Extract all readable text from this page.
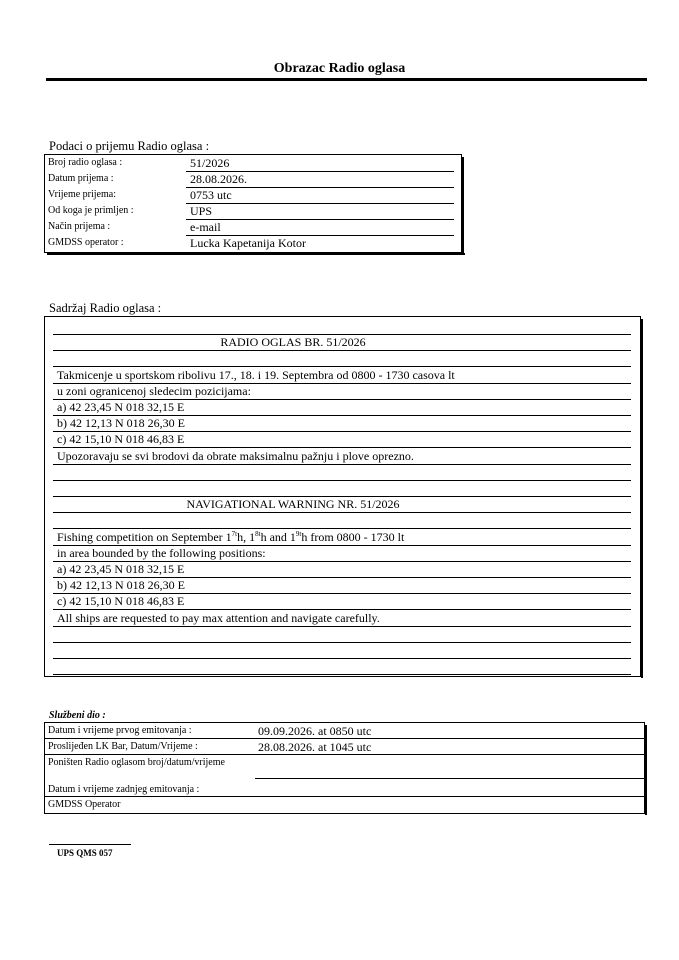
Obrazac Radio oglasa
Podaci o prijemu Radio oglasa :
Broj radio oglasa :	51/2026
Datum prijema :	28.08.2026.
Vrijeme prijema:	0753 utc
Od koga je primljen :	UPS
Način prijema :	e-mail
GMDSS operator :	Lucka Kapetanija Kotor
Sadržaj Radio oglasa :
RADIO OGLAS BR. 51/2026
Takmicenje u sportskom ribolivu 17., 18. i 19. Septembra od 0800 - 1730 casova lt
u zoni ogranicenoj sledecim pozicijama:
a) 42 23,45 N 018 32,15 E
b) 42 12,13 N 018 26,30 E
c) 42 15,10 N 018 46,83 E
Upozoravaju se svi brodovi da obrate maksimalnu pažnju i plove oprezno.
NAVIGATIONAL WARNING NR. 51/2026
Fishing competition on September $1^{7t}h$, $1^{8t}h$ and $1^{9t}h$ from 0800 - 1730 lt
in area bounded by the following positions:
a) 42 23,45 N 018 32,15 E
b) 42 12,13 N 018 26,30 E
c) 42 15,10 N 018 46,83 E
All ships are requested to pay max attention and navigate carefully.
Službeni dio :
Datum i vrijeme prvog emitovanja :	09.09.2026. at 0850 utc
Proslijeđen LK Bar, Datum/Vrijeme :	28.08.2026. at 1045 utc
Poništen Radio oglasom broj/datum/vrijeme
Datum i vrijeme zadnjeg emitovanja :
GMDSS Operator
UPS QMS 057
